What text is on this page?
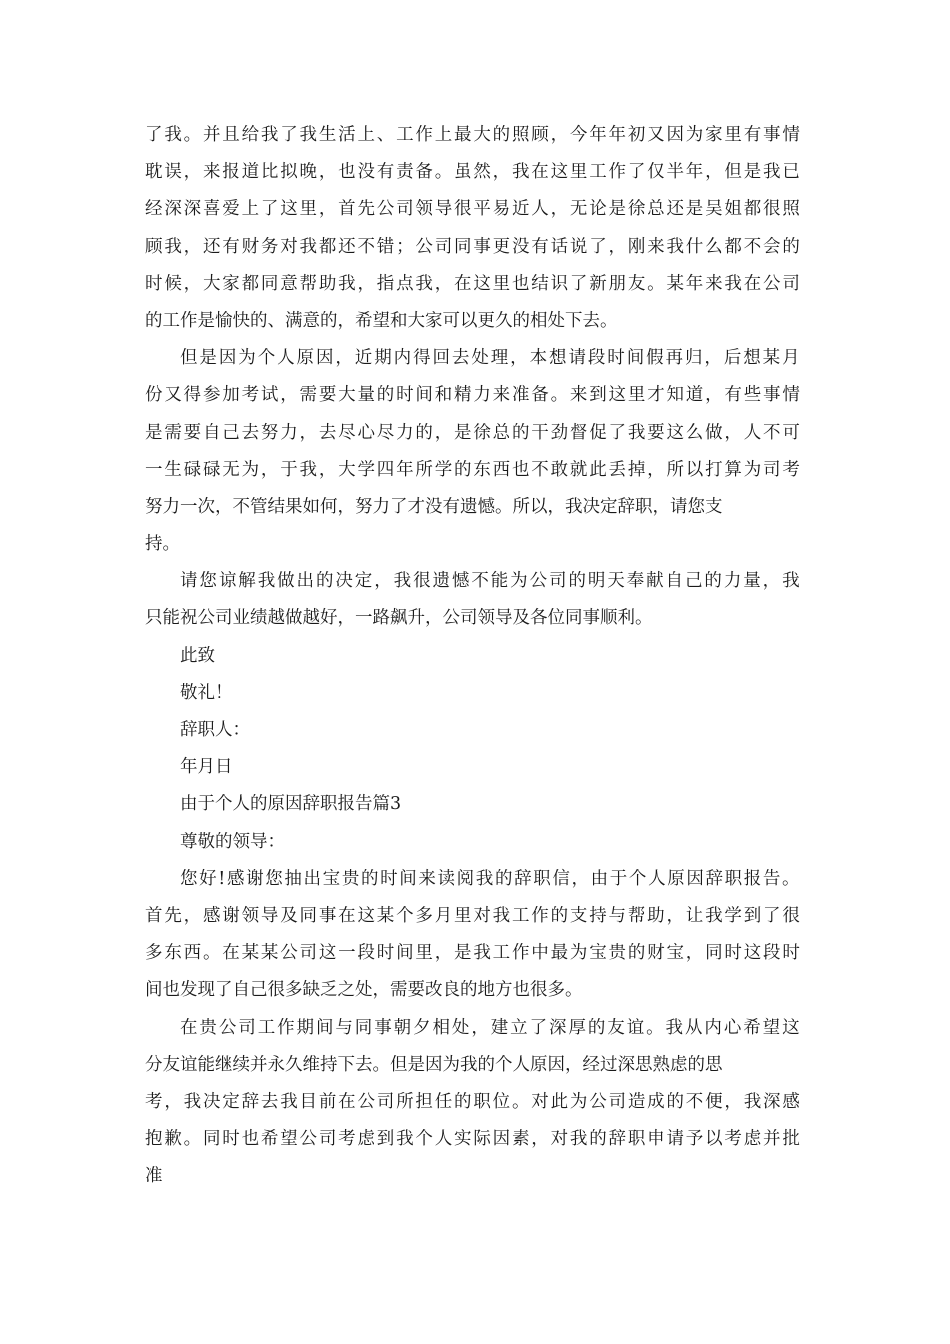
了 我 。 并 且 给 我 了 我 生 活 上 、 工 作 上 最 大 的 照 顾 ， 今 年 年 初 又 因 为 家 里 有 事 情
耽 误 ， 来 报 道 比 拟 晚 ， 也 没 有 责 备 。 虽 然 ， 我 在 这 里 工 作 了 仅 半 年 ， 但 是 我 已
经 深 深 喜 爱 上 了 这 里 ， 首 先 公 司 领 导 很 平 易 近 人 ， 无 论 是 徐 总 还 是 吴 姐 都 很 照
顾 我 ， 还 有 财 务 对 我 都 还 不 错 ； 公 司 同 事 更 没 有 话 说 了 ， 刚 来 我 什 么 都 不 会 的
时 候 ， 大 家 都 同 意 帮 助 我 ， 指 点 我 ， 在 这 里 也 结 识 了 新 朋 友 。 某 年 来 我 在 公 司
的工作是愉快的、满意的，希望和大家可以更久的相处下去。
但 是 因 为 个 人 原 因 ， 近 期 内 得 回 去 处 理 ， 本 想 请 段 时 间 假 再 归 ， 后 想 某 月
份 又 得 参 加 考 试 ， 需 要 大 量 的 时 间 和 精 力 来 准 备 。 来 到 这 里 才 知 道 ， 有 些 事 情
是 需 要 自 己 去 努 力 ， 去 尽 心 尽 力 的 ， 是 徐 总 的 干 劲 督 促 了 我 要 这 么 做 ， 人 不 可
一 生 碌 碌 无 为 ， 于 我 ， 大 学 四 年 所 学 的 东 西 也 不 敢 就 此 丢 掉 ， 所 以 打 算 为 司 考
努力一次，不管结果如何，努力了才没有遗憾。所以，我决定辞职，请您支
持。
请 您 谅 解 我 做 出 的 决 定 ， 我 很 遗 憾 不 能 为 公 司 的 明 天 奉 献 自 己 的 力 量 ， 我
只能祝公司业绩越做越好，一路飙升，公司领导及各位同事顺利。
此致
敬礼！
辞职人：
年月日
由于个人的原因辞职报告篇3
尊敬的领导：
您 好 ! 感 谢 您 抽 出 宝 贵 的 时 间 来 读 阅 我 的 辞 职 信 ， 由 于 个 人 原 因 辞 职 报 告 。
首 先 ， 感 谢 领 导 及 同 事 在 这 某 个 多 月 里 对 我 工 作 的 支 持 与 帮 助 ， 让 我 学 到 了 很
多 东 西 。 在 某 某 公 司 这 一 段 时 间 里 ， 是 我 工 作 中 最 为 宝 贵 的 财 宝 ， 同 时 这 段 时
间也发现了自己很多缺乏之处，需要改良的地方也很多。
在 贵 公 司 工 作 期 间 与 同 事 朝 夕 相 处 ， 建 立 了 深 厚 的 友 谊 。 我 从 内 心 希 望 这
分友谊能继续并永久维持下去。但是因为我的个人原因，经过深思熟虑的思
考 ， 我 决 定 辞 去 我 目 前 在 公 司 所 担 任 的 职 位 。 对 此 为 公 司 造 成 的 不 便 ， 我 深 感
抱 歉 。 同 时 也 希 望 公 司 考 虑 到 我 个 人 实 际 因 素 ， 对 我 的 辞 职 申 请 予 以 考 虑 并 批
准
